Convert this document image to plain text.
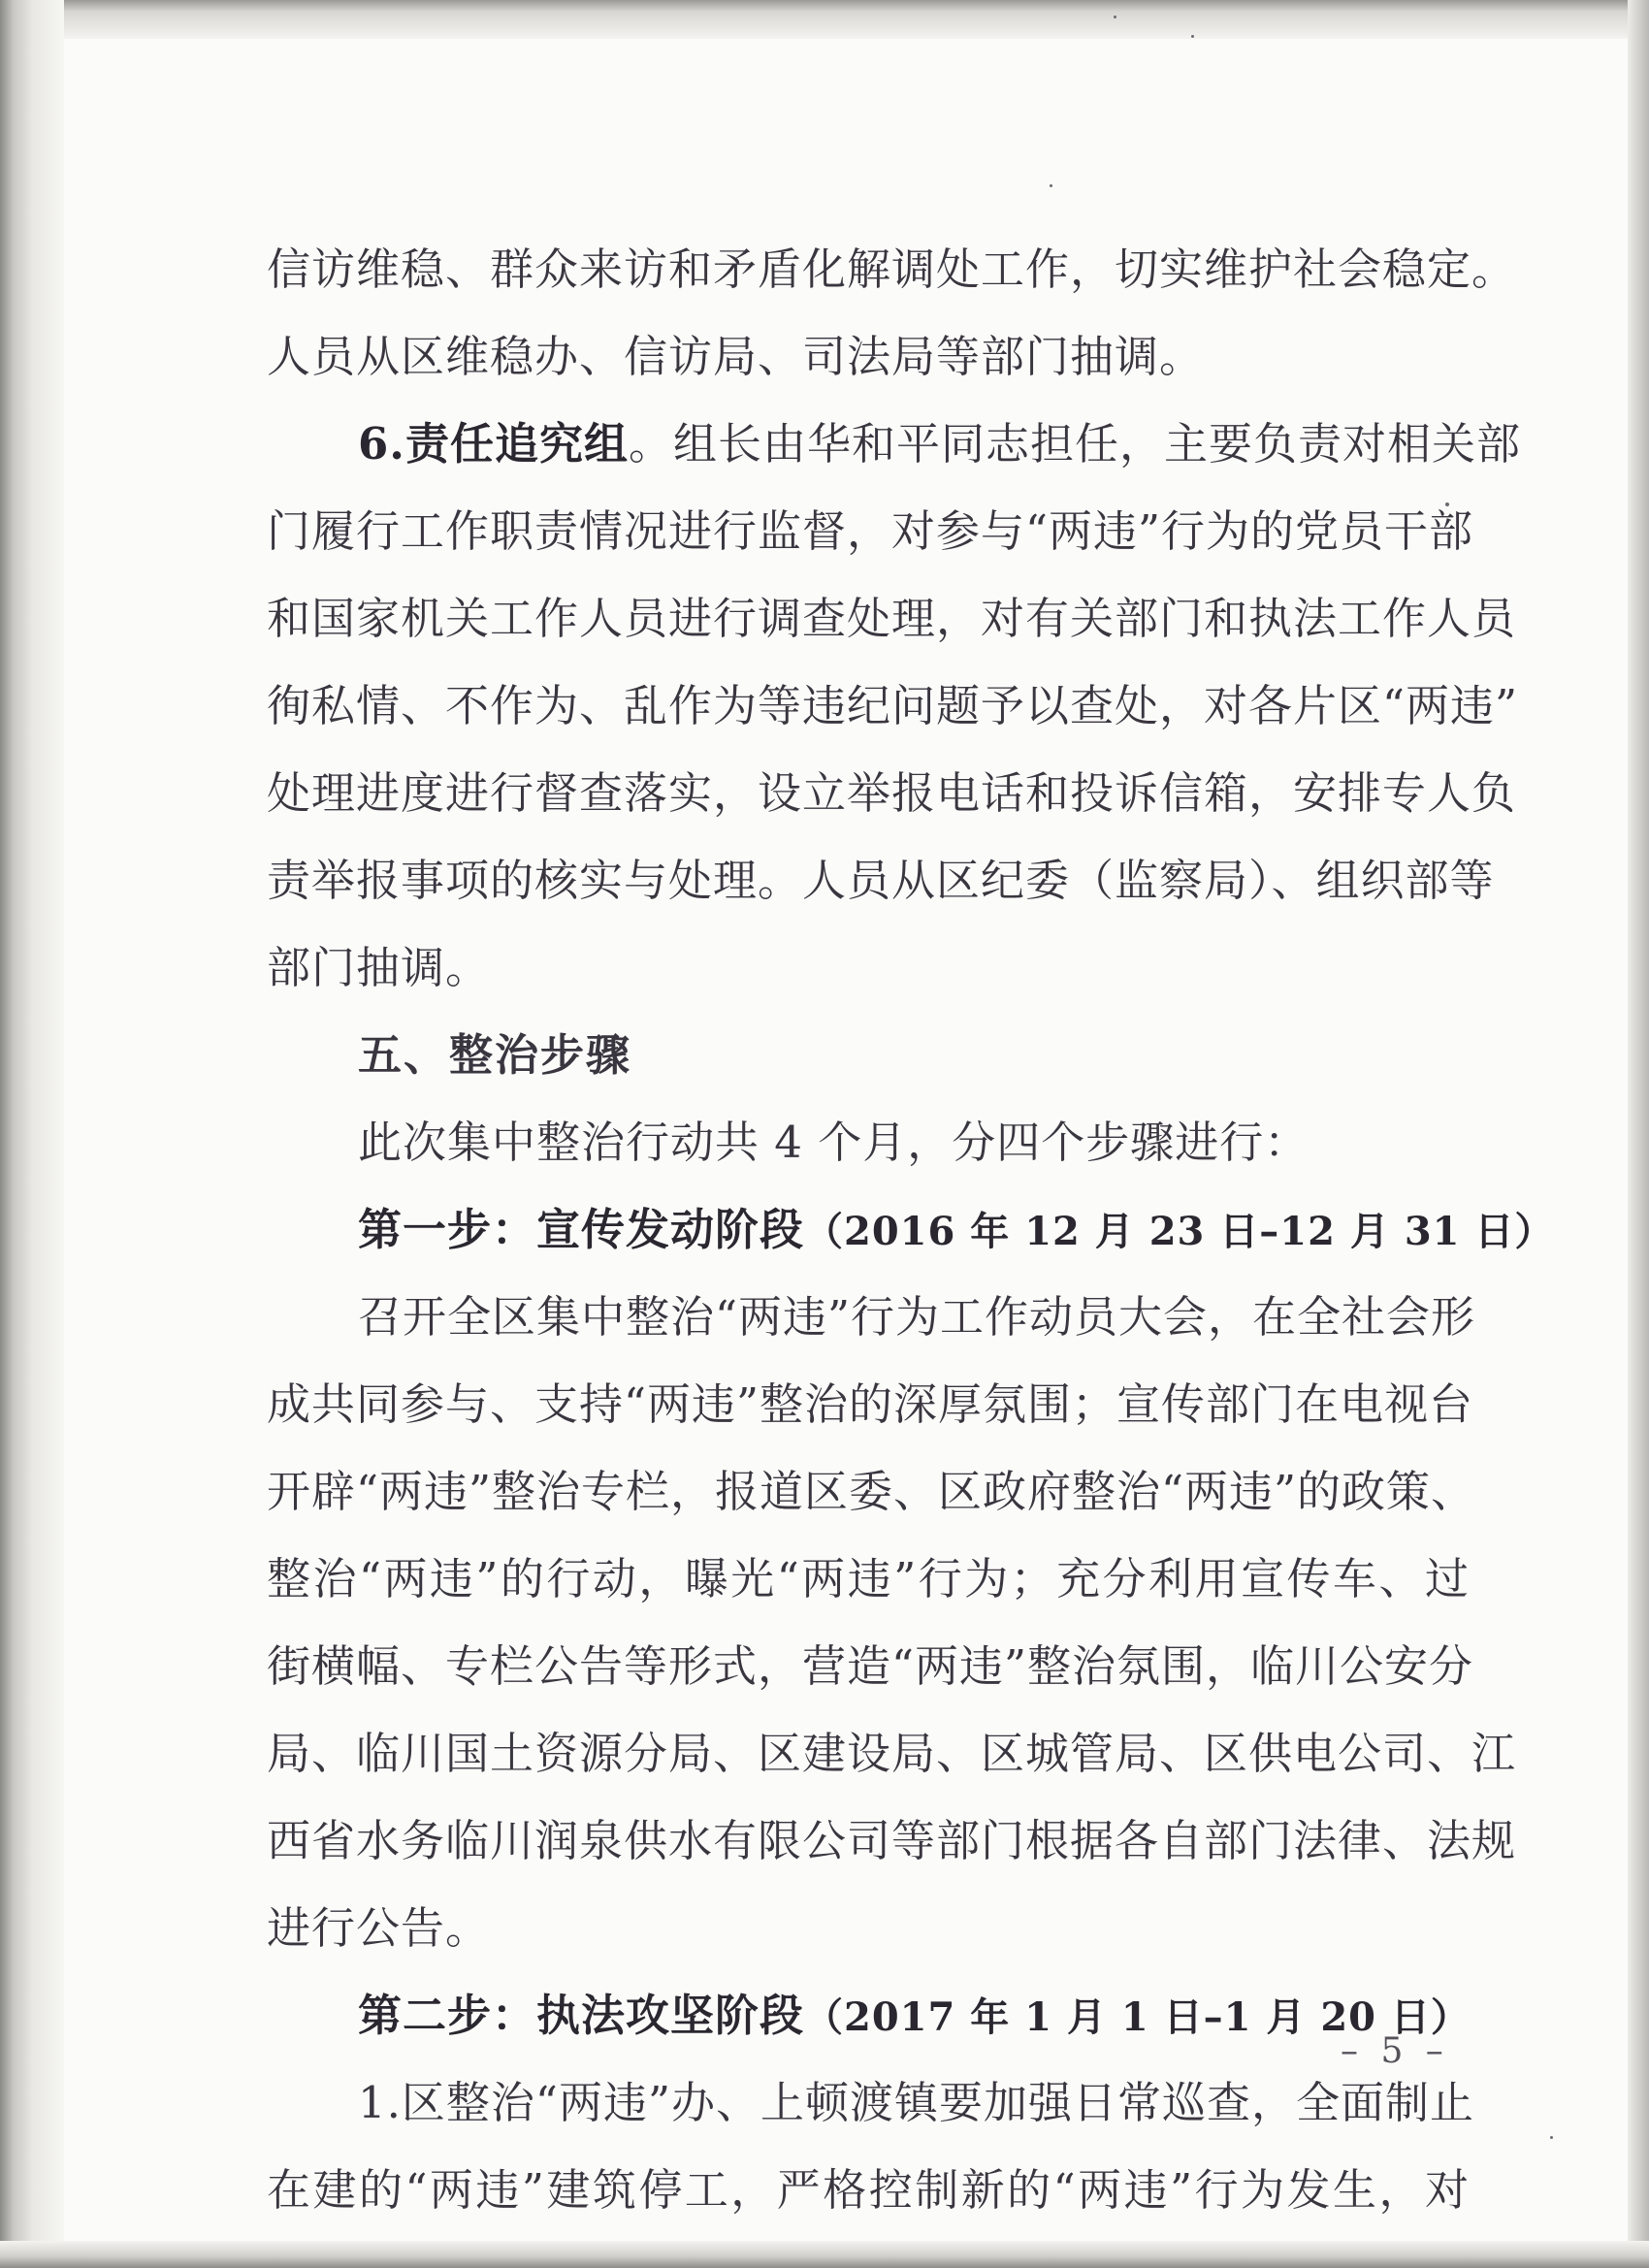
信访维稳、群众来访和矛盾化解调处工作，切实维护社会稳定。
人员从区维稳办、信访局、司法局等部门抽调。
6.责任追究组。组长由华和平同志担任，主要负责对相关部
门履行工作职责情况进行监督，对参与“两违”行为的党员干部
和国家机关工作人员进行调查处理，对有关部门和执法工作人员
徇私情、不作为、乱作为等违纪问题予以查处，对各片区“两违”
处理进度进行督查落实，设立举报电话和投诉信箱，安排专人负
责举报事项的核实与处理。人员从区纪委（监察局）、组织部等
部门抽调。
五、整治步骤
此次集中整治行动共 4 个月，分四个步骤进行：
第一步：宣传发动阶段（2016 年 12 月 23 日–12 月 31 日）
召开全区集中整治“两违”行为工作动员大会，在全社会形
成共同参与、支持“两违”整治的深厚氛围；宣传部门在电视台
开辟“两违”整治专栏，报道区委、区政府整治“两违”的政策、
整治“两违”的行动，曝光“两违”行为；充分利用宣传车、过
街横幅、专栏公告等形式，营造“两违”整治氛围，临川公安分
局、临川国土资源分局、区建设局、区城管局、区供电公司、江
西省水务临川润泉供水有限公司等部门根据各自部门法律、法规
进行公告。
第二步：执法攻坚阶段（2017 年 1 月 1 日–1 月 20 日）
1.区整治“两违”办、上顿渡镇要加强日常巡查，全面制止
在建的“两违”建筑停工，严格控制新的“两违”行为发生，对
– 5 –
